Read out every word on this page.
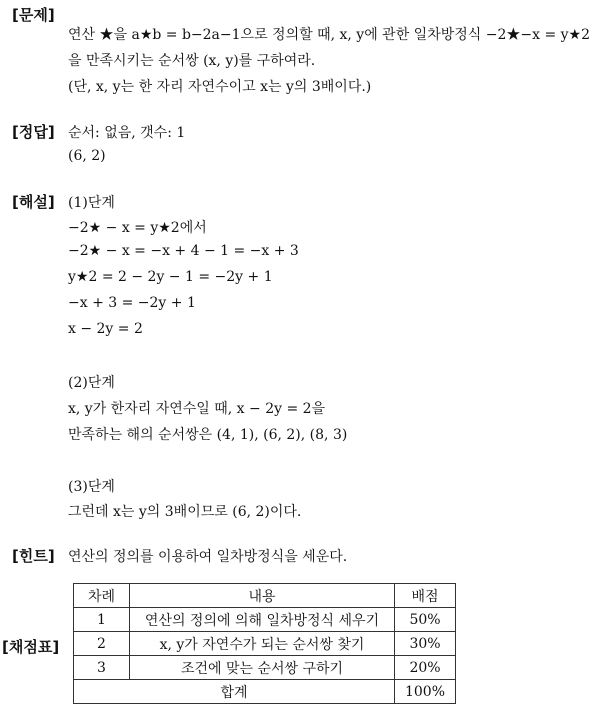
[문제]
연산 ★을 a★b = b−2a−1으로 정의할 때, x, y에 관한 일차방정식 −2★−x = y★2
을 만족시키는 순서쌍 (x, y)를 구하여라.
(단, x, y는 한 자리 자연수이고 x는 y의 3배이다.)
[정답] 순서: 없음, 갯수: 1
(6, 2)
[해설] (1)단계
−2★ − x = y★2에서
−2★ − x = −x + 4 − 1 = −x + 3
y★2 = 2 − 2y − 1 = −2y + 1
−x + 3 = −2y + 1
x − 2y = 2
(2)단계
x, y가 한자리 자연수일 때, x − 2y = 2을
만족하는 해의 순서쌍은 (4, 1), (6, 2), (8, 3)
(3)단계
그런데 x는 y의 3배이므로 (6, 2)이다.
[힌트] 연산의 정의를 이용하여 일차방정식을 세운다.
[채점표]
차례	내용	배점
1	연산의 정의에 의해 일차방정식 세우기	50%
2	x, y가 자연수가 되는 순서쌍 찾기	30%
3	조건에 맞는 순서쌍 구하기	20%
합계		100%
